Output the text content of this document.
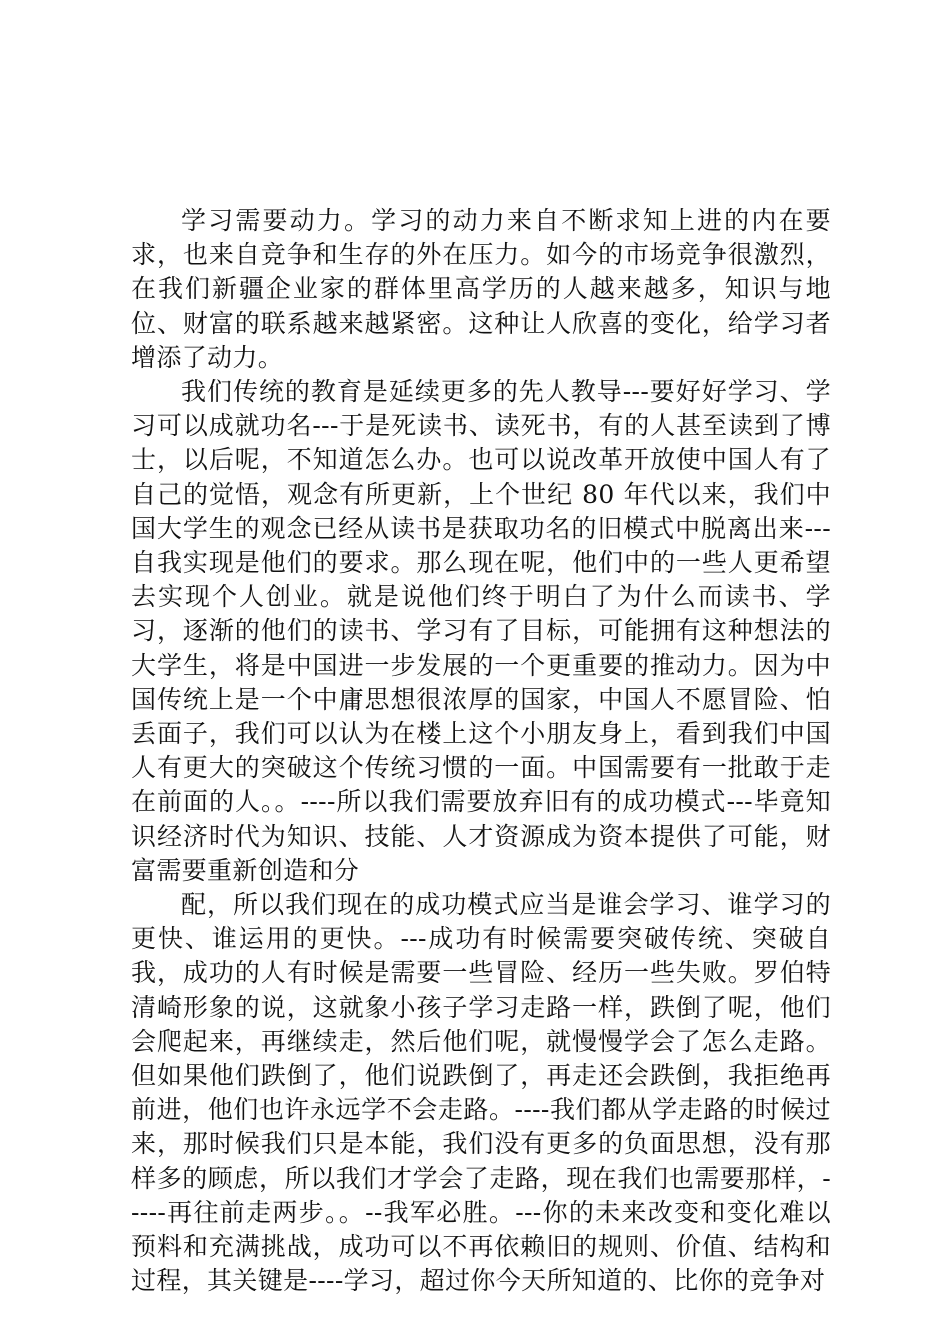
学习需要动力。学习的动力来自不断求知上进的内在要求，也来自竞争和生存的外在压力。如今的市场竞争很激烈，在我们新疆企业家的群体里高学历的人越来越多，知识与地位、财富的联系越来越紧密。这种让人欣喜的变化，给学习者增添了动力。

我们传统的教育是延续更多的先人教导---要好好学习、学习可以成就功名---于是死读书、读死书，有的人甚至读到了博士，以后呢，不知道怎么办。也可以说改革开放使中国人有了自己的觉悟，观念有所更新，上个世纪 80 年代以来，我们中国大学生的观念已经从读书是获取功名的旧模式中脱离出来---自我实现是他们的要求。那么现在呢，他们中的一些人更希望去实现个人创业。就是说他们终于明白了为什么而读书、学习，逐渐的他们的读书、学习有了目标，可能拥有这种想法的大学生，将是中国进一步发展的一个更重要的推动力。因为中国传统上是一个中庸思想很浓厚的国家，中国人不愿冒险、怕丢面子，我们可以认为在楼上这个小朋友身上，看到我们中国人有更大的突破这个传统习惯的一面。中国需要有一批敢于走在前面的人。。----所以我们需要放弃旧有的成功模式---毕竟知识经济时代为知识、技能、人才资源成为资本提供了可能，财富需要重新创造和分

配，所以我们现在的成功模式应当是谁会学习、谁学习的更快、谁运用的更快。---成功有时候需要突破传统、突破自我，成功的人有时候是需要一些冒险、经历一些失败。罗伯特清崎形象的说，这就象小孩子学习走路一样，跌倒了呢，他们会爬起来，再继续走，然后他们呢，就慢慢学会了怎么走路。但如果他们跌倒了，他们说跌倒了，再走还会跌倒，我拒绝再前进，他们也许永远学不会走路。----我们都从学走路的时候过来，那时候我们只是本能，我们没有更多的负面思想，没有那样多的顾虑，所以我们才学会了走路，现在我们也需要那样，-----再往前走两步。。--我军必胜。---你的未来改变和变化难以预料和充满挑战，成功可以不再依赖旧的规则、价值、结构和过程，其关键是----学习，超过你今天所知道的、比你的竞争对
